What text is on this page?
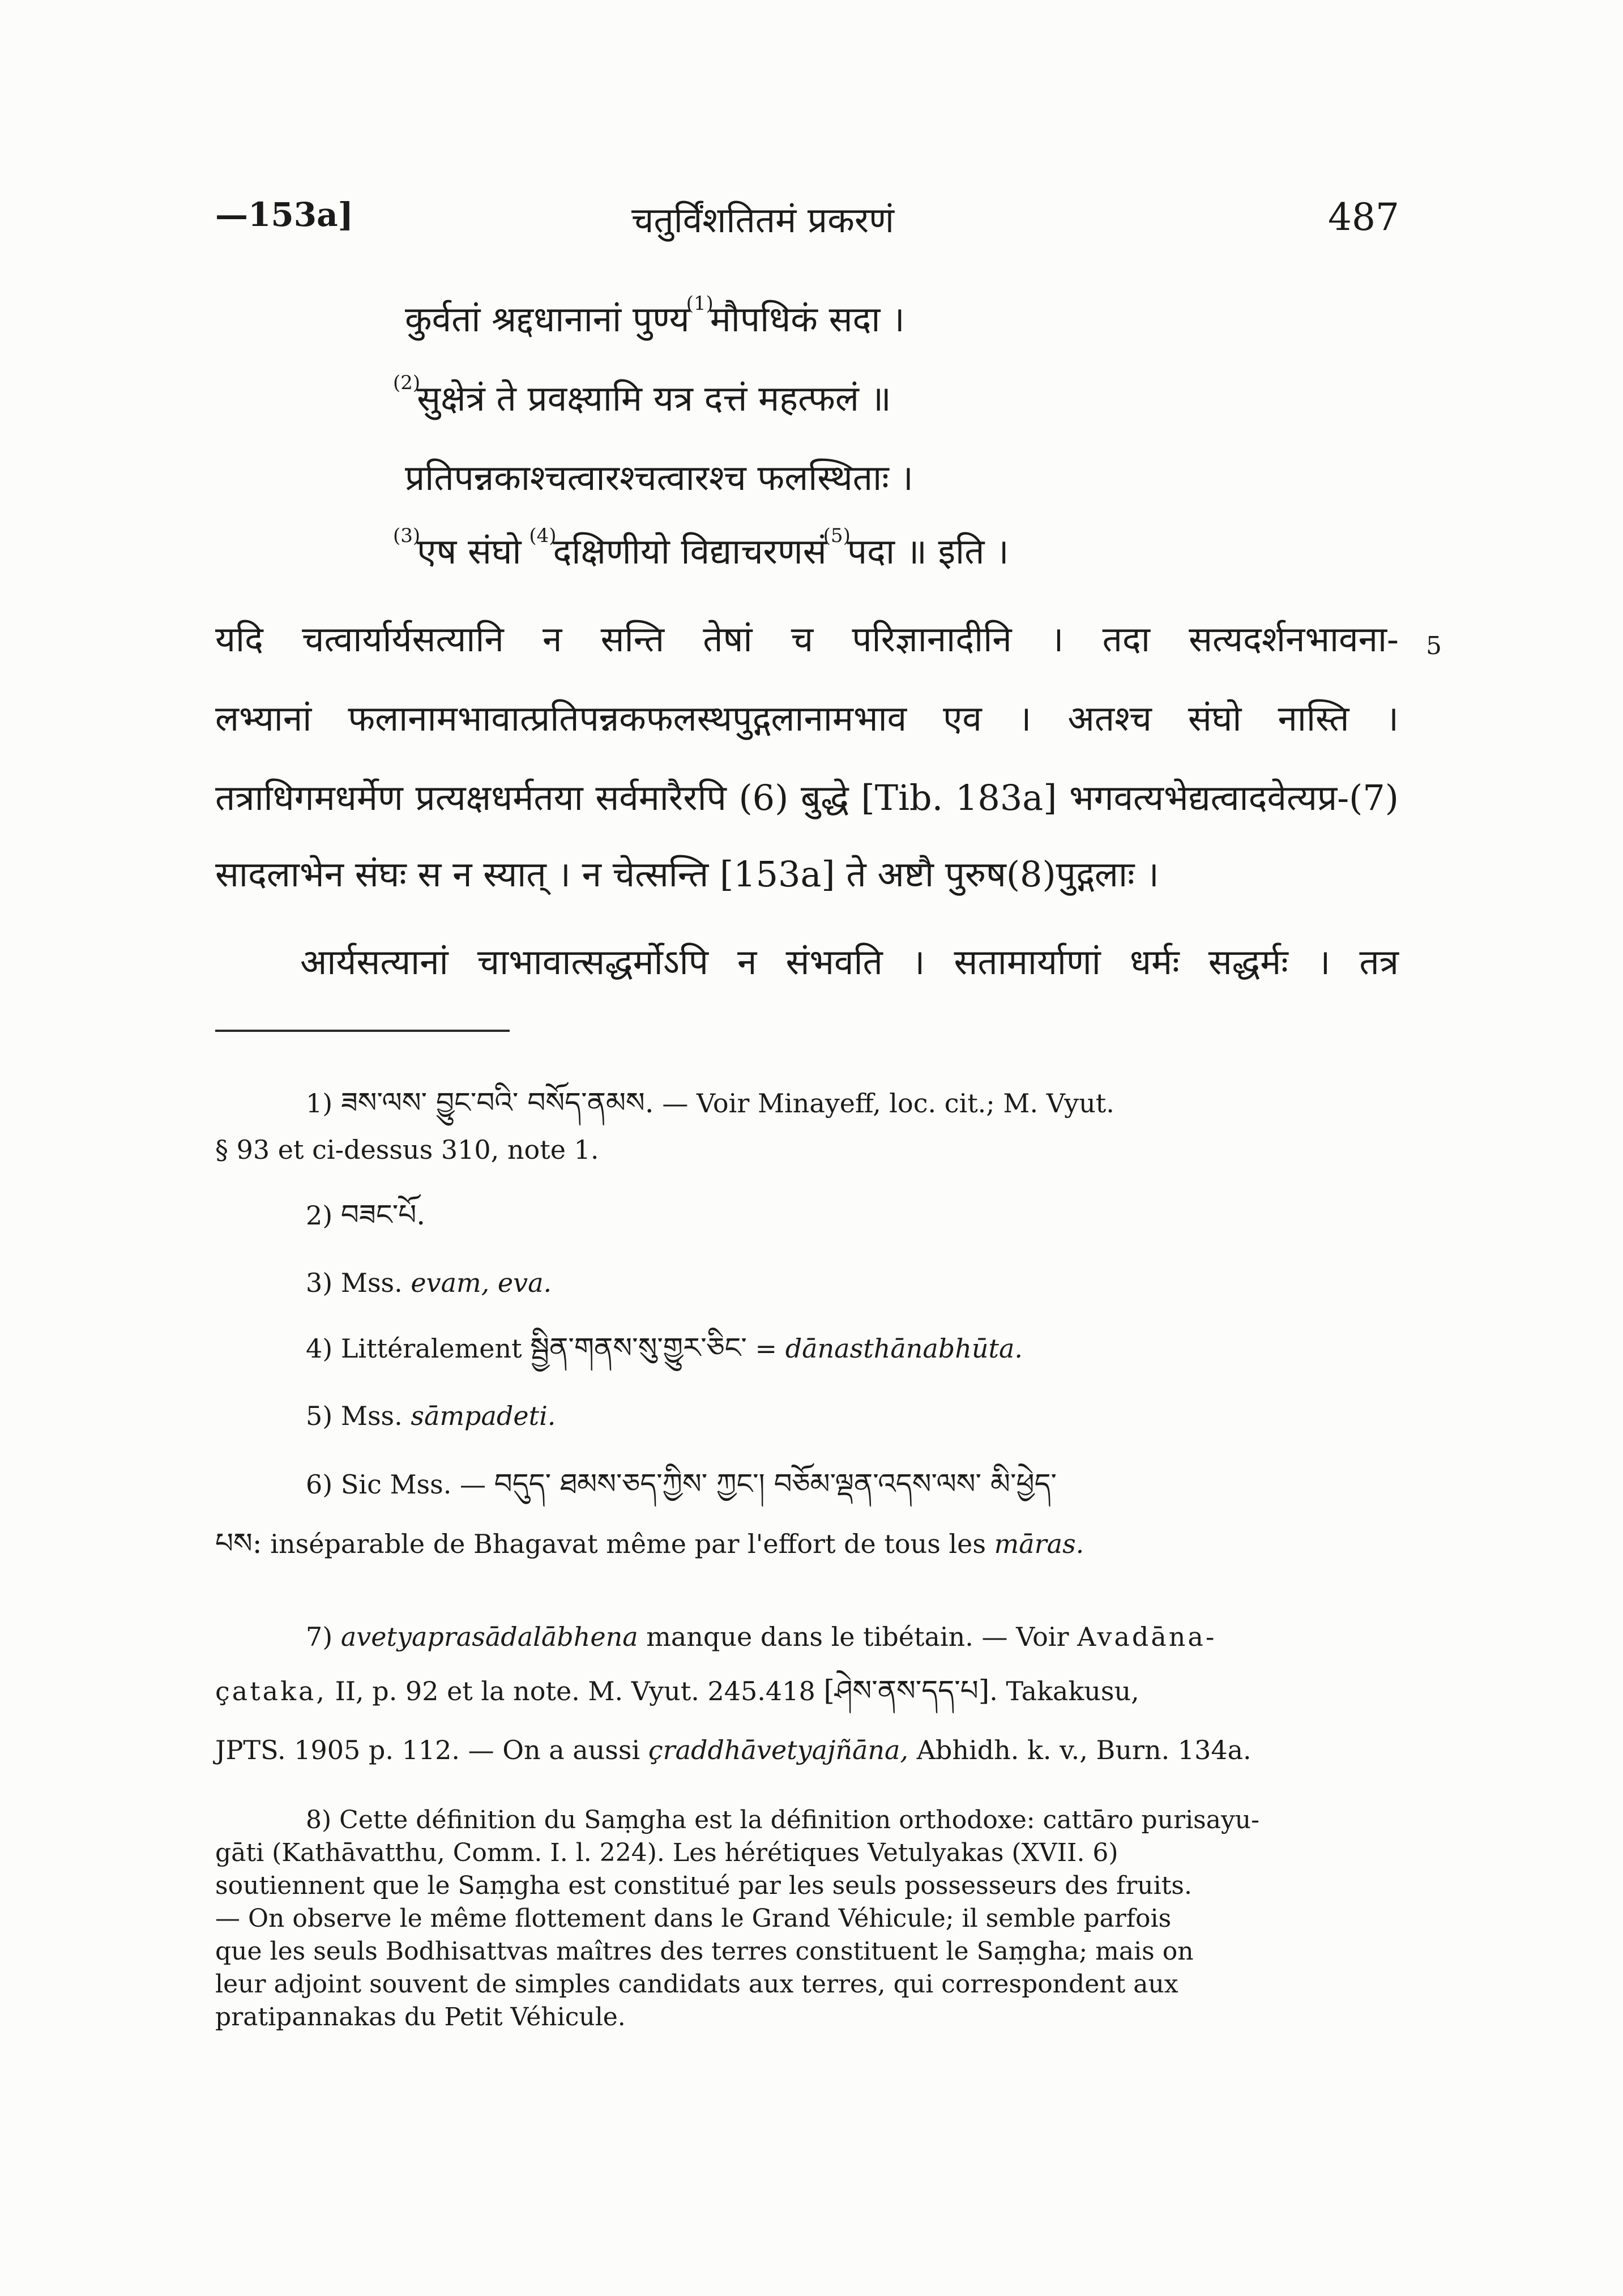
—153a]	चतुर्विंशतितमं प्रकरणं	487
कुर्वतां श्रद्दधानानां पुण्य$^{(1)}$मौपधिकं सदा ।
$^{(2)}$सुक्षेत्रं ते प्रवक्ष्यामि यत्र दत्तं महत्फलं ॥
प्रतिपन्नकाश्चत्वारश्चत्वारश्च फलस्थिताः ।
$^{(3)}$एष संघो $^{(4)}$दक्षिणीयो विद्याचरणसं$^{(5)}$पदा ॥ इति ।
यदि चत्वार्यार्यसत्यानि न सन्ति तेषां च परिज्ञानादीनि । तदा सत्यदर्शनभावना- 5
लभ्यानां फलानामभावात्प्रतिपन्नकफलस्थपुद्गलानामभाव एव । अतश्च संघो नास्ति ।
तत्राधिगमधर्मेण प्रत्यक्षधर्मतया सर्वमारैरपि (6) बुद्धे [Tib. 183a] भगवत्यभेद्यत्वादवेत्यप्र-(7)
सादलाभेन संघः स न स्यात् । न चेत्सन्ति [153a] ते अष्टौ पुरुष(8)पुद्गलाः ।
आर्यसत्यानां चाभावात्सद्धर्मोऽपि न संभवति । सतामार्याणां धर्मः सद्धर्मः । तत्र
1) ཟས་ལས་ བྱུང་བའི་ བསོད་ནམས. — Voir Minayeff, loc. cit.; M. Vyut.
§ 93 et ci-dessus 310, note 1.
2) བཟང་པོ.
3) Mss. evam, eva.
4) Littéralement སྦྱིན་གནས་སུ་གྱུར་ཅིང་ = dānasthānabhūta.
5) Mss. sāmpadeti.
6) Sic Mss. — བདུད་ ཐམས་ཅད་ཀྱིས་ ཀྱང་། བཅོམ་ལྡན་འདས་ལས་ མི་ཕྱེད་
པས: inséparable de Bhagavat même par l'effort de tous les māras.
7) avetyaprasādalābhena manque dans le tibétain. — Voir Avadāna-
çataka, II, p. 92 et la note. M. Vyut. 245.418 [ཤེས་ནས་དད་པ]. Takakusu,
JPTS. 1905 p. 112. — On a aussi çraddhāvetyajñāna, Abhidh. k. v., Burn. 134a.
8) Cette définition du Saṃgha est la définition orthodoxe: cattāro purisayu-
gāti (Kathāvatthu, Comm. I. l. 224). Les hérétiques Vetulyakas (XVII. 6)
soutiennent que le Saṃgha est constitué par les seuls possesseurs des fruits.
— On observe le même flottement dans le Grand Véhicule; il semble parfois
que les seuls Bodhisattvas maîtres des terres constituent le Saṃgha; mais on
leur adjoint souvent de simples candidats aux terres, qui correspondent aux
pratipannakas du Petit Véhicule.
